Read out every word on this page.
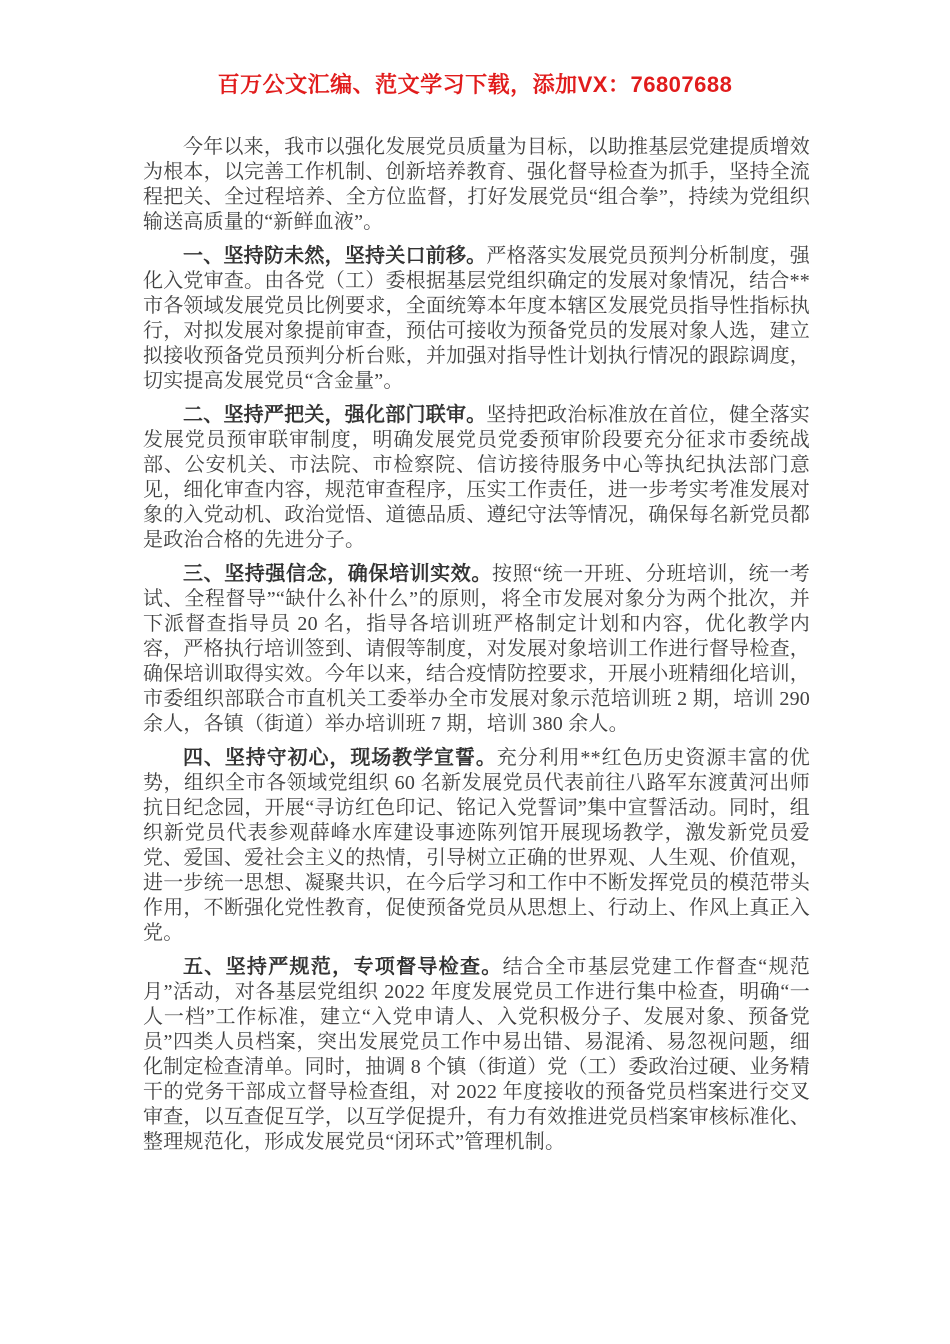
百万公文汇编、范文学习下载，添加VX：76807688

今年以来，我市以强化发展党员质量为目标，以助推基层党建提质增效为根本，以完善工作机制、创新培养教育、强化督导检查为抓手，坚持全流程把关、全过程培养、全方位监督，打好发展党员“组合拳”，持续为党组织输送高质量的“新鲜血液”。

一、坚持防未然，坚持关口前移。严格落实发展党员预判分析制度，强化入党审查。由各党（工）委根据基层党组织确定的发展对象情况，结合**市各领域发展党员比例要求，全面统筹本年度本辖区发展党员指导性指标执行，对拟发展对象提前审查，预估可接收为预备党员的发展对象人选，建立拟接收预备党员预判分析台账，并加强对指导性计划执行情况的跟踪调度，切实提高发展党员“含金量”。

二、坚持严把关，强化部门联审。坚持把政治标准放在首位，健全落实发展党员预审联审制度，明确发展党员党委预审阶段要充分征求市委统战部、公安机关、市法院、市检察院、信访接待服务中心等执纪执法部门意见，细化审查内容，规范审查程序，压实工作责任，进一步考实考准发展对象的入党动机、政治觉悟、道德品质、遵纪守法等情况，确保每名新党员都是政治合格的先进分子。

三、坚持强信念，确保培训实效。按照“统一开班、分班培训，统一考试、全程督导”“缺什么补什么”的原则，将全市发展对象分为两个批次，并下派督查指导员 20 名，指导各培训班严格制定计划和内容，优化教学内容，严格执行培训签到、请假等制度，对发展对象培训工作进行督导检查，确保培训取得实效。今年以来，结合疫情防控要求，开展小班精细化培训，市委组织部联合市直机关工委举办全市发展对象示范培训班 2 期，培训 290 余人，各镇（街道）举办培训班 7 期，培训 380 余人。

四、坚持守初心，现场教学宣誓。充分利用**红色历史资源丰富的优势，组织全市各领域党组织 60 名新发展党员代表前往八路军东渡黄河出师抗日纪念园，开展“寻访红色印记、铭记入党誓词”集中宣誓活动。同时，组织新党员代表参观薛峰水库建设事迹陈列馆开展现场教学，激发新党员爱党、爱国、爱社会主义的热情，引导树立正确的世界观、人生观、价值观，进一步统一思想、凝聚共识，在今后学习和工作中不断发挥党员的模范带头作用，不断强化党性教育，促使预备党员从思想上、行动上、作风上真正入党。

五、坚持严规范，专项督导检查。结合全市基层党建工作督查“规范月”活动，对各基层党组织 2022 年度发展党员工作进行集中检查，明确“一人一档”工作标准，建立“入党申请人、入党积极分子、发展对象、预备党员”四类人员档案，突出发展党员工作中易出错、易混淆、易忽视问题，细化制定检查清单。同时，抽调 8 个镇（街道）党（工）委政治过硬、业务精干的党务干部成立督导检查组，对 2022 年度接收的预备党员档案进行交叉审查，以互查促互学，以互学促提升，有力有效推进党员档案审核标准化、整理规范化，形成发展党员“闭环式”管理机制。
